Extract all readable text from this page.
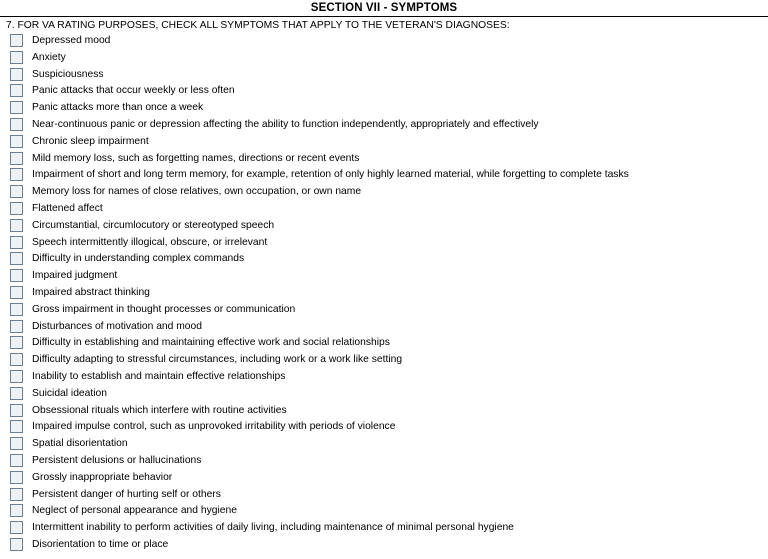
SECTION VII - SYMPTOMS
7. FOR VA RATING PURPOSES, CHECK ALL SYMPTOMS THAT APPLY TO THE VETERAN'S DIAGNOSES:
Depressed mood
Anxiety
Suspiciousness
Panic attacks that occur weekly or less often
Panic attacks more than once a week
Near-continuous panic or depression affecting the ability to function independently, appropriately and effectively
Chronic sleep impairment
Mild memory loss, such as forgetting names, directions or recent events
Impairment of short and long term memory, for example, retention of only highly learned material, while forgetting to complete tasks
Memory loss for names of close relatives, own occupation, or own name
Flattened affect
Circumstantial, circumlocutory or stereotyped speech
Speech intermittently illogical, obscure, or irrelevant
Difficulty in understanding complex commands
Impaired judgment
Impaired abstract thinking
Gross impairment in thought processes or communication
Disturbances of motivation and mood
Difficulty in establishing and maintaining effective work and social relationships
Difficulty adapting to stressful circumstances, including work or a work like setting
Inability to establish and maintain effective relationships
Suicidal ideation
Obsessional rituals which interfere with routine activities
Impaired impulse control, such as unprovoked irritability with periods of violence
Spatial disorientation
Persistent delusions or hallucinations
Grossly inappropriate behavior
Persistent danger of hurting self or others
Neglect of personal appearance and hygiene
Intermittent inability to perform activities of daily living, including maintenance of minimal personal hygiene
Disorientation to time or place
